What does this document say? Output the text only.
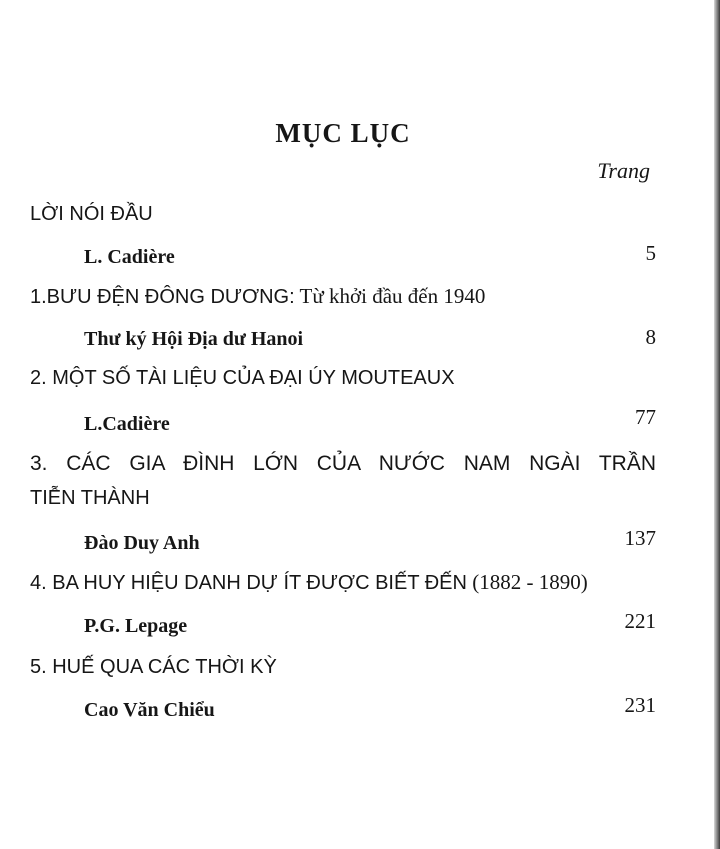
MỤC LỤC
Trang
LỜI NÓI ĐẦU
L. Cadière	5
1.BƯU ĐỆN ĐÔNG DƯƠNG: Từ khởi đầu đến 1940
Thư ký Hội Địa dư Hanoi	8
2. MỘT SỐ TÀI LIỆU CỦA ĐẠI ÚY MOUTEAUX
L.Cadière	77
3. CÁC GIA ĐÌNH LỚN CỦA NƯỚC NAM NGÀI TRẦN
TIỄN THÀNH
Đào Duy Anh	137
4. BA HUY HIỆU DANH DỰ ÍT ĐƯỢC BIẾT ĐẾN (1882 - 1890)
P.G. Lepage	221
5. HUẾ QUA CÁC THỜI KỲ
Cao Văn Chiểu	231
